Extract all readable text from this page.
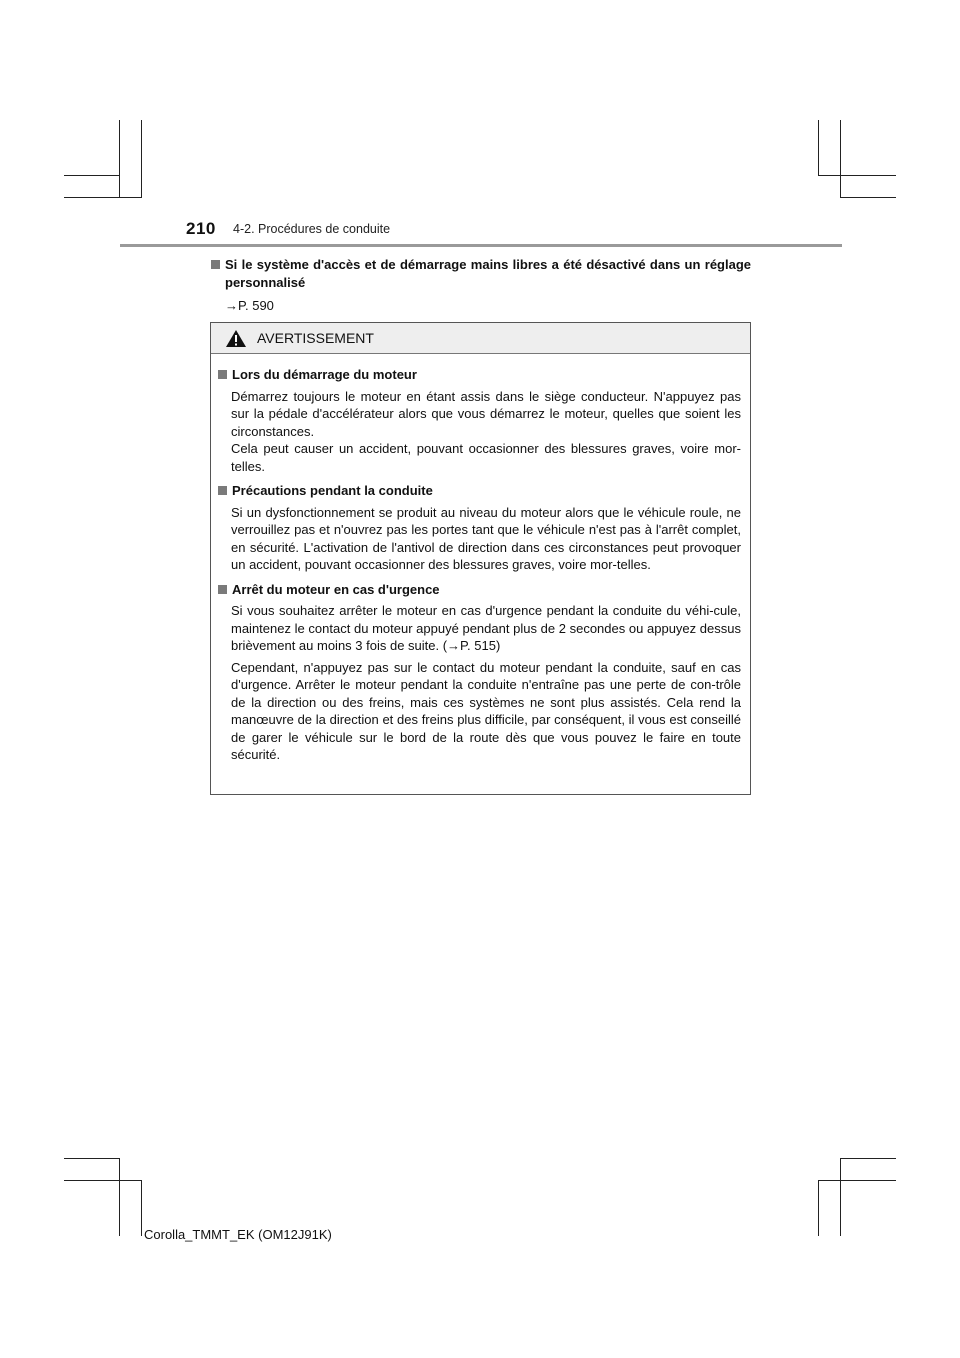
210 4-2. Procédures de conduite
Si le système d'accès et de démarrage mains libres a été désactivé dans un réglage personnalisé
→P. 590
AVERTISSEMENT
Lors du démarrage du moteur

Démarrez toujours le moteur en étant assis dans le siège conducteur. N'appuyez pas sur la pédale d'accélérateur alors que vous démarrez le moteur, quelles que soient les circonstances.

Cela peut causer un accident, pouvant occasionner des blessures graves, voire mor-telles.

Précautions pendant la conduite

Si un dysfonctionnement se produit au niveau du moteur alors que le véhicule roule, ne verrouillez pas et n'ouvrez pas les portes tant que le véhicule n'est pas à l'arrêt complet, en sécurité. L'activation de l'antivol de direction dans ces circonstances peut provoquer un accident, pouvant occasionner des blessures graves, voire mor-telles.

Arrêt du moteur en cas d'urgence

Si vous souhaitez arrêter le moteur en cas d'urgence pendant la conduite du véhi-cule, maintenez le contact du moteur appuyé pendant plus de 2 secondes ou appuyez dessus brièvement au moins 3 fois de suite. (→P. 515)

Cependant, n'appuyez pas sur le contact du moteur pendant la conduite, sauf en cas d'urgence. Arrêter le moteur pendant la conduite n'entraîne pas une perte de con-trôle de la direction ou des freins, mais ces systèmes ne sont plus assistés. Cela rend la manœuvre de la direction et des freins plus difficile, par conséquent, il vous est conseillé de garer le véhicule sur le bord de la route dès que vous pouvez le faire en toute sécurité.

Corolla_TMMT_EK (OM12J91K)
